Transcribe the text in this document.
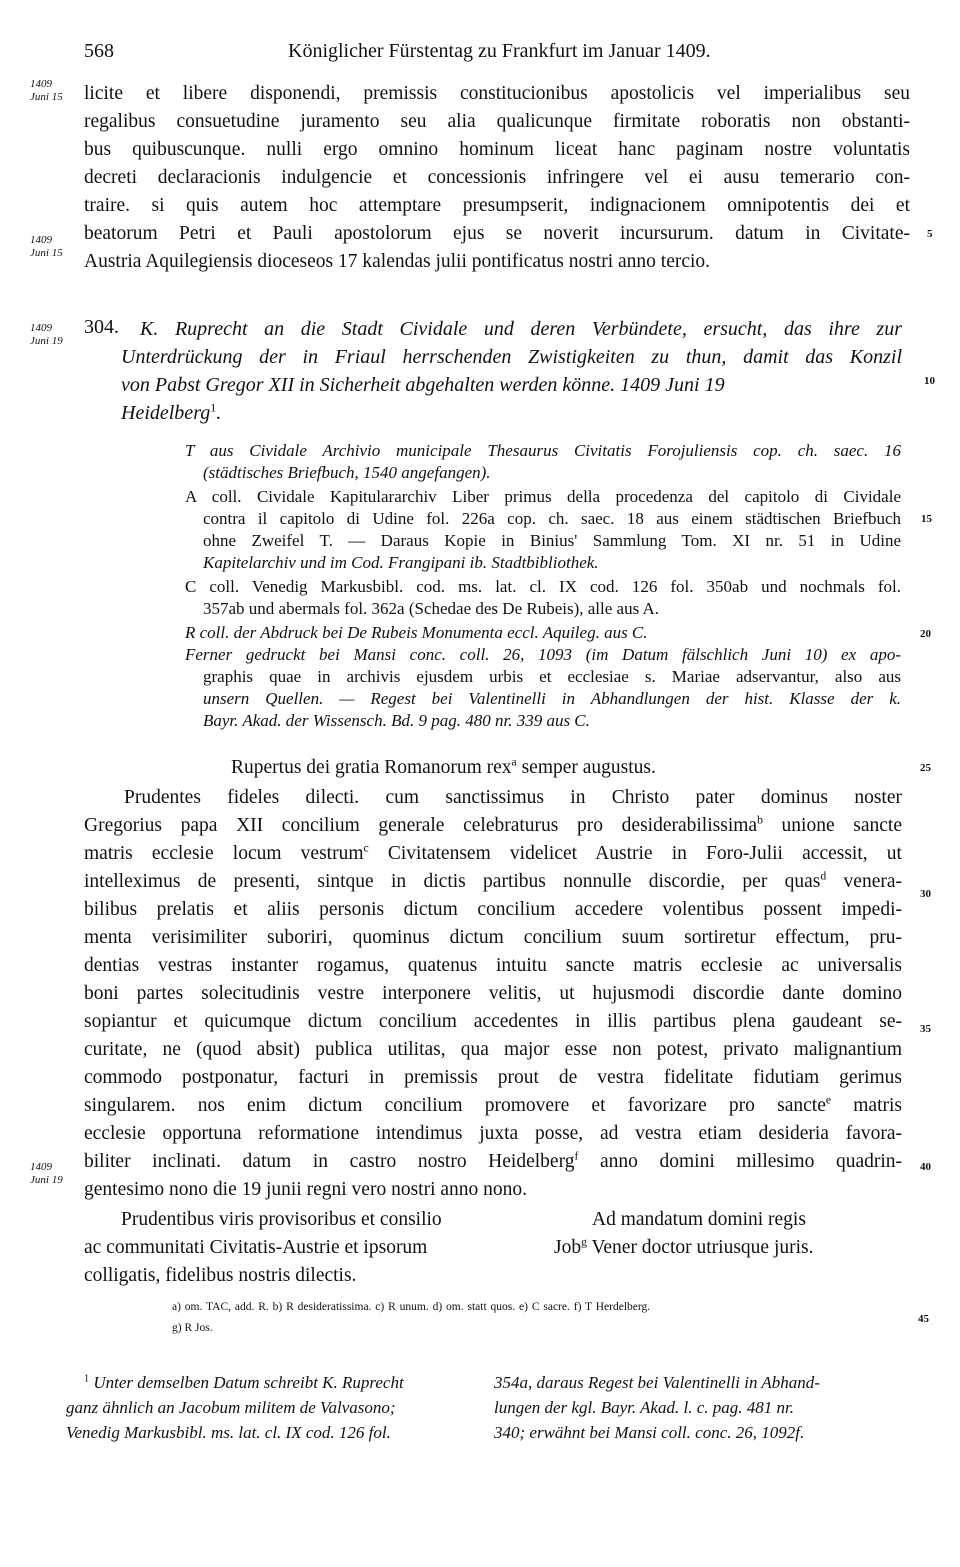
568	Königlicher Fürstentag zu Frankfurt im Januar 1409.
1409
Juni 15
1409
Juni 15
1409
Juni 19
1409
Juni 19
5
10
15
20
25
30
35
40
45
licite et libere disponendi, premissis constitucionibus apostolicis vel imperialibus seu
regalibus consuetudine juramento seu alia qualicunque firmitate roboratis non obstanti-
bus quibuscunque. nulli ergo omnino hominum liceat hanc paginam nostre voluntatis
decreti declaracionis indulgencie et concessionis infringere vel ei ausu temerario con-
traire. si quis autem hoc attemptare presumpserit, indignacionem omnipotentis dei et
beatorum Petri et Pauli apostolorum ejus se noverit incursurum. datum in Civitate-
Austria Aquilegiensis dioceseos 17 kalendas julii pontificatus nostri anno tercio.
304. K. Ruprecht an die Stadt Cividale und deren Verbündete, ersucht, das ihre zur
Unterdrückung der in Friaul herrschenden Zwistigkeiten zu thun, damit das Konzil
von Pabst Gregor XII in Sicherheit abgehalten werden könne. 1409 Juni 19
Heidelberg$^1$.
T aus Cividale Archivio municipale Thesaurus Civitatis Forojuliensis cop. ch. saec. 16
(städtisches Briefbuch, 1540 angefangen).
A coll. Cividale Kapitulararchiv Liber primus della procedenza del capitolo di Cividale
contra il capitolo di Udine fol. 226a cop. ch. saec. 18 aus einem städtischen Briefbuch
ohne Zweifel T. — Daraus Kopie in Binius' Sammlung Tom. XI nr. 51 in Udine
Kapitelarchiv und im Cod. Frangipani ib. Stadtbibliothek.
C coll. Venedig Markusbibl. cod. ms. lat. cl. IX cod. 126 fol. 350ab und nochmals fol.
357ab und abermals fol. 362a (Schedae des De Rubeis), alle aus A.
R coll. der Abdruck bei De Rubeis Monumenta eccl. Aquileg. aus C.
Ferner gedruckt bei Mansi conc. coll. 26, 1093 (im Datum fälschlich Juni 10) ex apo-
graphis quae in archivis ejusdem urbis et ecclesiae s. Mariae adservantur, also aus
unsern Quellen. — Regest bei Valentinelli in Abhandlungen der hist. Klasse der k.
Bayr. Akad. der Wissensch. Bd. 9 pag. 480 nr. 339 aus C.
Rupertus dei gratia Romanorum rex$^a$ semper augustus.
Prudentes fideles dilecti. cum sanctissimus in Christo pater dominus noster
Gregorius papa XII concilium generale celebraturus pro desiderabilissima$^b$ unione sancte
matris ecclesie locum vestrum$^c$ Civitatensem videlicet Austrie in Foro-Julii accessit, ut
intelleximus de presenti, sintque in dictis partibus nonnulle discordie, per quas$^d$ venera-
bilibus prelatis et aliis personis dictum concilium accedere volentibus possent impedi-
menta verisimiliter suboriri, quominus dictum concilium suum sortiretur effectum, pru-
dentias vestras instanter rogamus, quatenus intuitu sancte matris ecclesie ac universalis
boni partes solecitudinis vestre interponere velitis, ut hujusmodi discordie dante domino
sopiantur et quicumque dictum concilium accedentes in illis partibus plena gaudeant se-
curitate, ne (quod absit) publica utilitas, qua major esse non potest, privato malignantium
commodo postponatur, facturi in premissis prout de vestra fidelitate fidutiam gerimus
singularem. nos enim dictum concilium promovere et favorizare pro sancte$^e$ matris
ecclesie opportuna reformatione intendimus juxta posse, ad vestra etiam desideria favora-
biliter inclinati. datum in castro nostro Heidelberg$^f$ anno domini millesimo quadrin-
gentesimo nono die 19 junii regni vero nostri anno nono.
Prudentibus viris provisoribus et consilio
ac communitati Civitatis-Austrie et ipsorum
colligatis, fidelibus nostris dilectis.
Ad mandatum domini regis
Job$^g$ Vener doctor utriusque juris.
a) om. TAC, add. R. b) R desideratissima. c) R unum. d) om. statt quos. e) C sacre. f) T Herdelberg.
g) R Jos.
$^1$ Unter demselben Datum schreibt K. Ruprecht
ganz ähnlich an Jacobum militem de Valvasono;
Venedig Markusbibl. ms. lat. cl. IX cod. 126 fol.
354a, daraus Regest bei Valentinelli in Abhand-
lungen der kgl. Bayr. Akad. l. c. pag. 481 nr.
340; erwähnt bei Mansi coll. conc. 26, 1092f.
